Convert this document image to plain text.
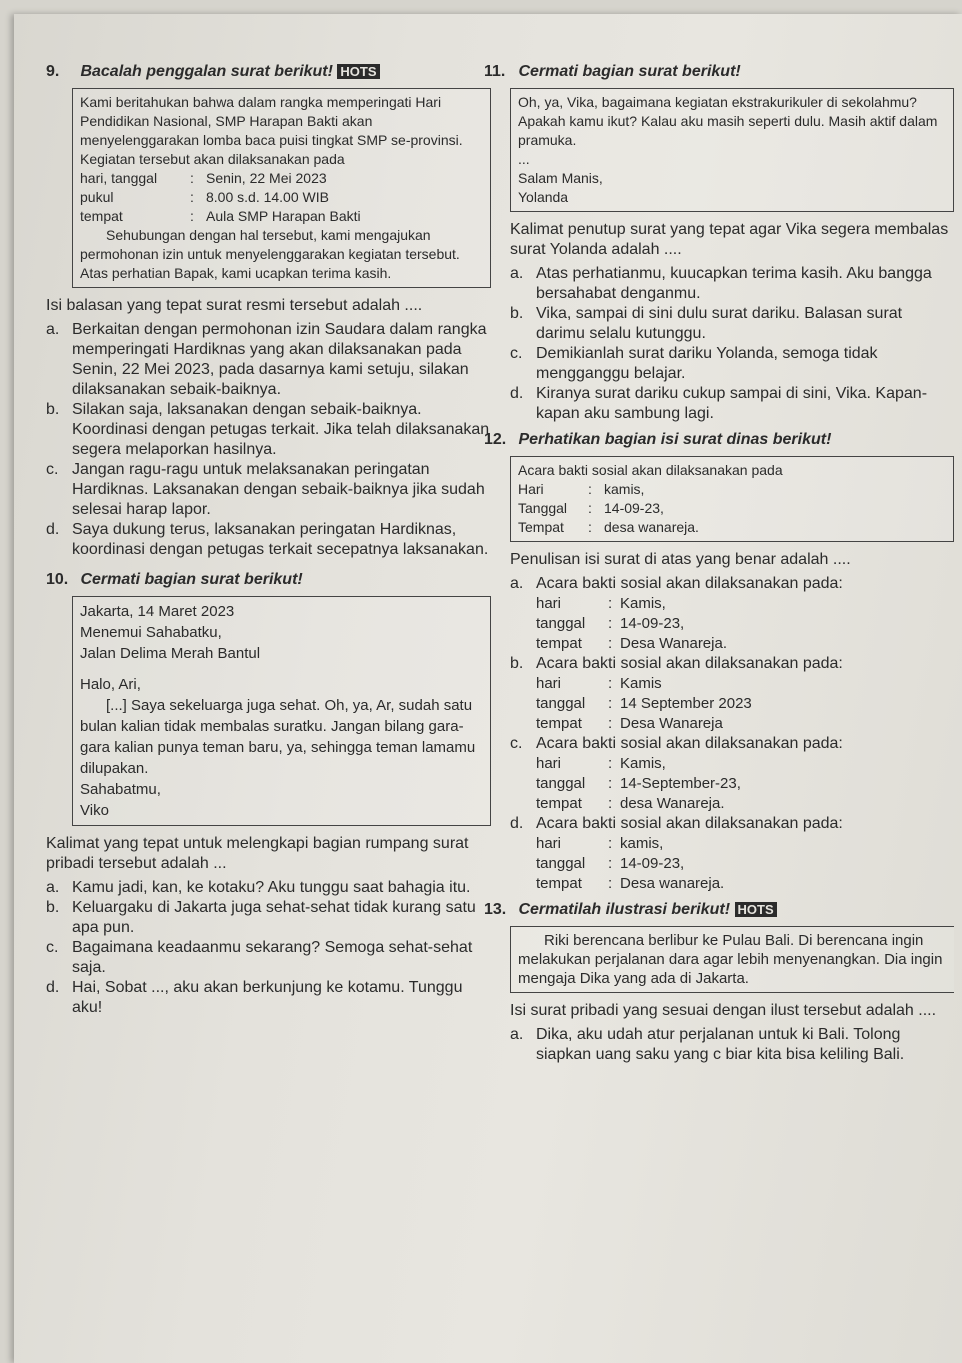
9. Bacalah penggalan surat berikut! HOTS
Kami beritahukan bahwa dalam rangka memperingati Hari Pendidikan Nasional, SMP Harapan Bakti akan menyelenggarakan lomba baca puisi tingkat SMP se-provinsi. Kegiatan tersebut akan dilaksanakan pada
hari, tanggal	: Senin, 22 Mei 2023
pukul	: 8.00 s.d. 14.00 WIB
tempat	: Aula SMP Harapan Bakti
Sehubungan dengan hal tersebut, kami mengajukan permohonan izin untuk menyelenggarakan kegiatan tersebut. Atas perhatian Bapak, kami ucapkan terima kasih.
Isi balasan yang tepat surat resmi tersebut adalah ....
a. Berkaitan dengan permohonan izin Saudara dalam rangka memperingati Hardiknas yang akan dilaksanakan pada Senin, 22 Mei 2023, pada dasarnya kami setuju, silakan dilaksanakan sebaik-baiknya.
b. Silakan saja, laksanakan dengan sebaik-baiknya. Koordinasi dengan petugas terkait. Jika telah dilaksanakan segera melaporkan hasilnya.
c. Jangan ragu-ragu untuk melaksanakan peringatan Hardiknas. Laksanakan dengan sebaik-baiknya jika sudah selesai harap lapor.
d. Saya dukung terus, laksanakan peringatan Hardiknas, koordinasi dengan petugas terkait secepatnya laksanakan.
10. Cermati bagian surat berikut!
Jakarta, 14 Maret 2023
Menemui Sahabatku,
Jalan Delima Merah Bantul
Halo, Ari,
[...] Saya sekeluarga juga sehat. Oh, ya, Ar, sudah satu bulan kalian tidak membalas suratku. Jangan bilang gara-gara kalian punya teman baru, ya, sehingga teman lamamu dilupakan.
Sahabatmu,
Viko
Kalimat yang tepat untuk melengkapi bagian rumpang surat pribadi tersebut adalah ...
a. Kamu jadi, kan, ke kotaku? Aku tunggu saat bahagia itu.
b. Keluargaku di Jakarta juga sehat-sehat tidak kurang satu apa pun.
c. Bagaimana keadaanmu sekarang? Semoga sehat-sehat saja.
d. Hai, Sobat ..., aku akan berkunjung ke kotamu. Tunggu aku!
11. Cermati bagian surat berikut!
Oh, ya, Vika, bagaimana kegiatan ekstrakurikuler di sekolahmu? Apakah kamu ikut? Kalau aku masih seperti dulu. Masih aktif dalam pramuka.
...
Salam Manis,
Yolanda
Kalimat penutup surat yang tepat agar Vika segera membalas surat Yolanda adalah ....
a. Atas perhatianmu, kuucapkan terima kasih. Aku bangga bersahabat denganmu.
b. Vika, sampai di sini dulu surat dariku. Balasan surat darimu selalu kutunggu.
c. Demikianlah surat dariku Yolanda, semoga tidak mengganggu belajar.
d. Kiranya surat dariku cukup sampai di sini, Vika. Kapan-kapan aku sambung lagi.
12. Perhatikan bagian isi surat dinas berikut!
Acara bakti sosial akan dilaksanakan pada
Hari	: kamis,
Tanggal	: 14-09-23,
Tempat	: desa wanareja.
Penulisan isi surat di atas yang benar adalah ....
a. Acara bakti sosial akan dilaksanakan pada:
hari	: Kamis,
tanggal	: 14-09-23,
tempat	: Desa Wanareja.
b. Acara bakti sosial akan dilaksanakan pada:
hari	: Kamis
tanggal	: 14 September 2023
tempat	: Desa Wanareja
c. Acara bakti sosial akan dilaksanakan pada:
hari	: Kamis,
tanggal	: 14-September-23,
tempat	: desa Wanareja.
d. Acara bakti sosial akan dilaksanakan pada:
hari	: kamis,
tanggal	: 14-09-23,
tempat	: Desa wanareja.
13. Cermatilah ilustrasi berikut! HOTS
Riki berencana berlibur ke Pulau Bali. Di berencana ingin melakukan perjalanan dara agar lebih menyenangkan. Dia ingin mengaja Dika yang ada di Jakarta.
Isi surat pribadi yang sesuai dengan ilust tersebut adalah ....
a. Dika, aku udah atur perjalanan untuk ki Bali. Tolong siapkan uang saku yang c biar kita bisa keliling Bali.
